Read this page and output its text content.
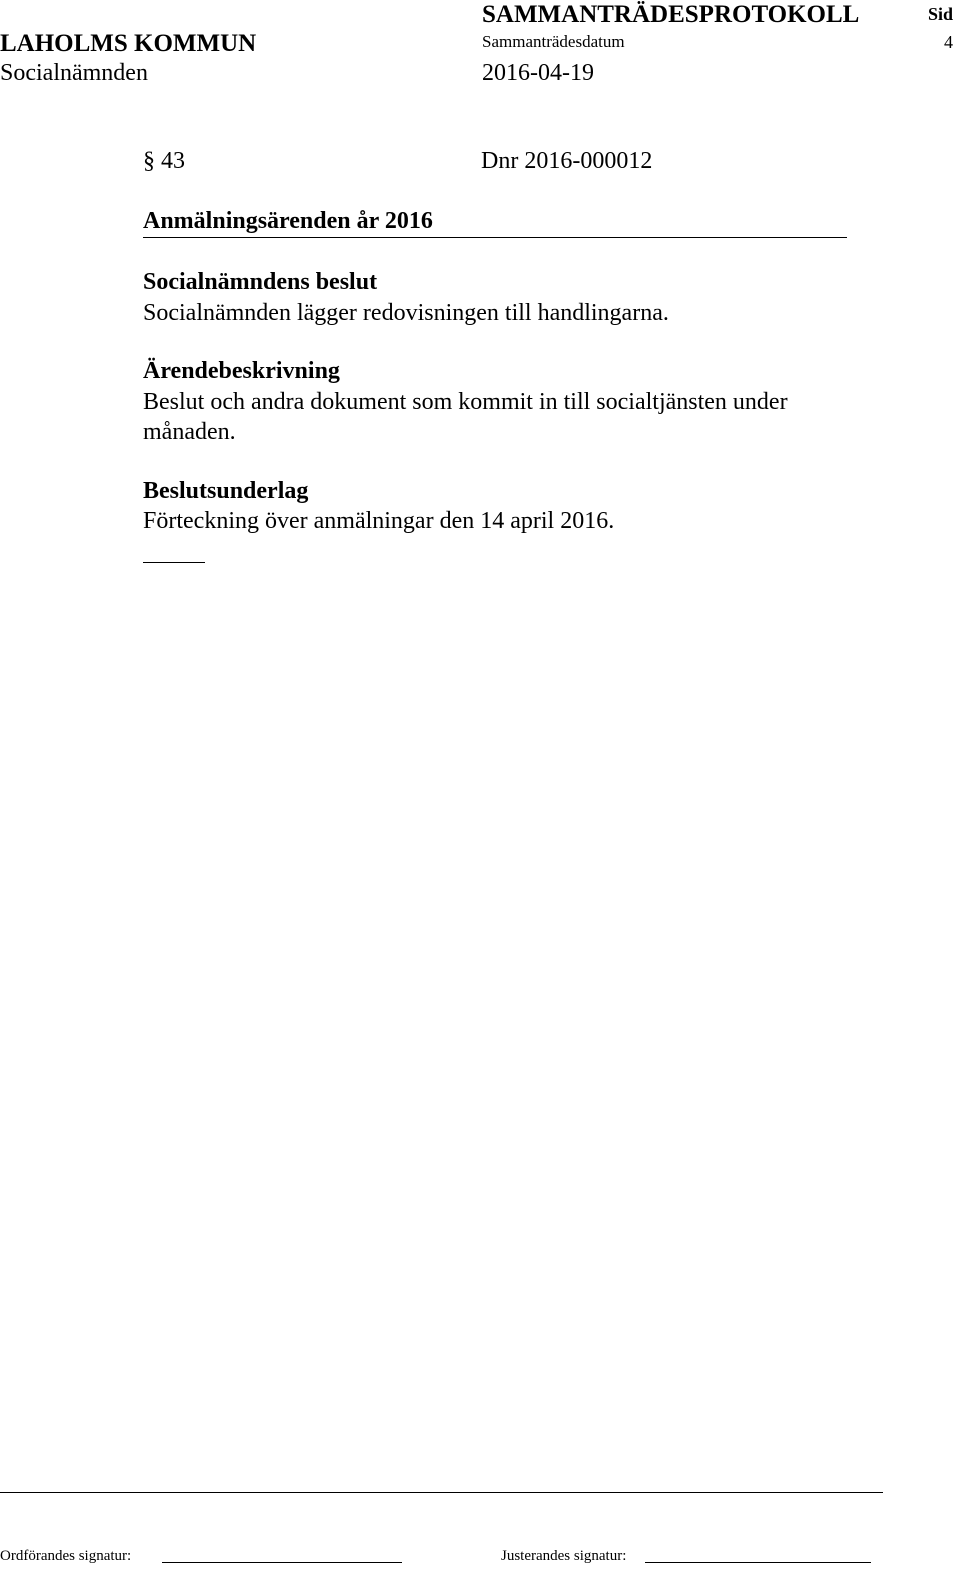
LAHOLMS KOMMUN
Socialnämnden
SAMMANTRÄDESPROTOKOLL
Sammanträdesdatum
2016-04-19
Sid
4
§ 43	Dnr 2016-000012
Anmälningsärenden år 2016
Socialnämndens beslut
Socialnämnden lägger redovisningen till handlingarna.
Ärendebeskrivning
Beslut och andra dokument som kommit in till socialtjänsten under
månaden.
Beslutsunderlag
Förteckning över anmälningar den 14 april 2016.
Ordförandes signatur:	Justerandes signatur:
